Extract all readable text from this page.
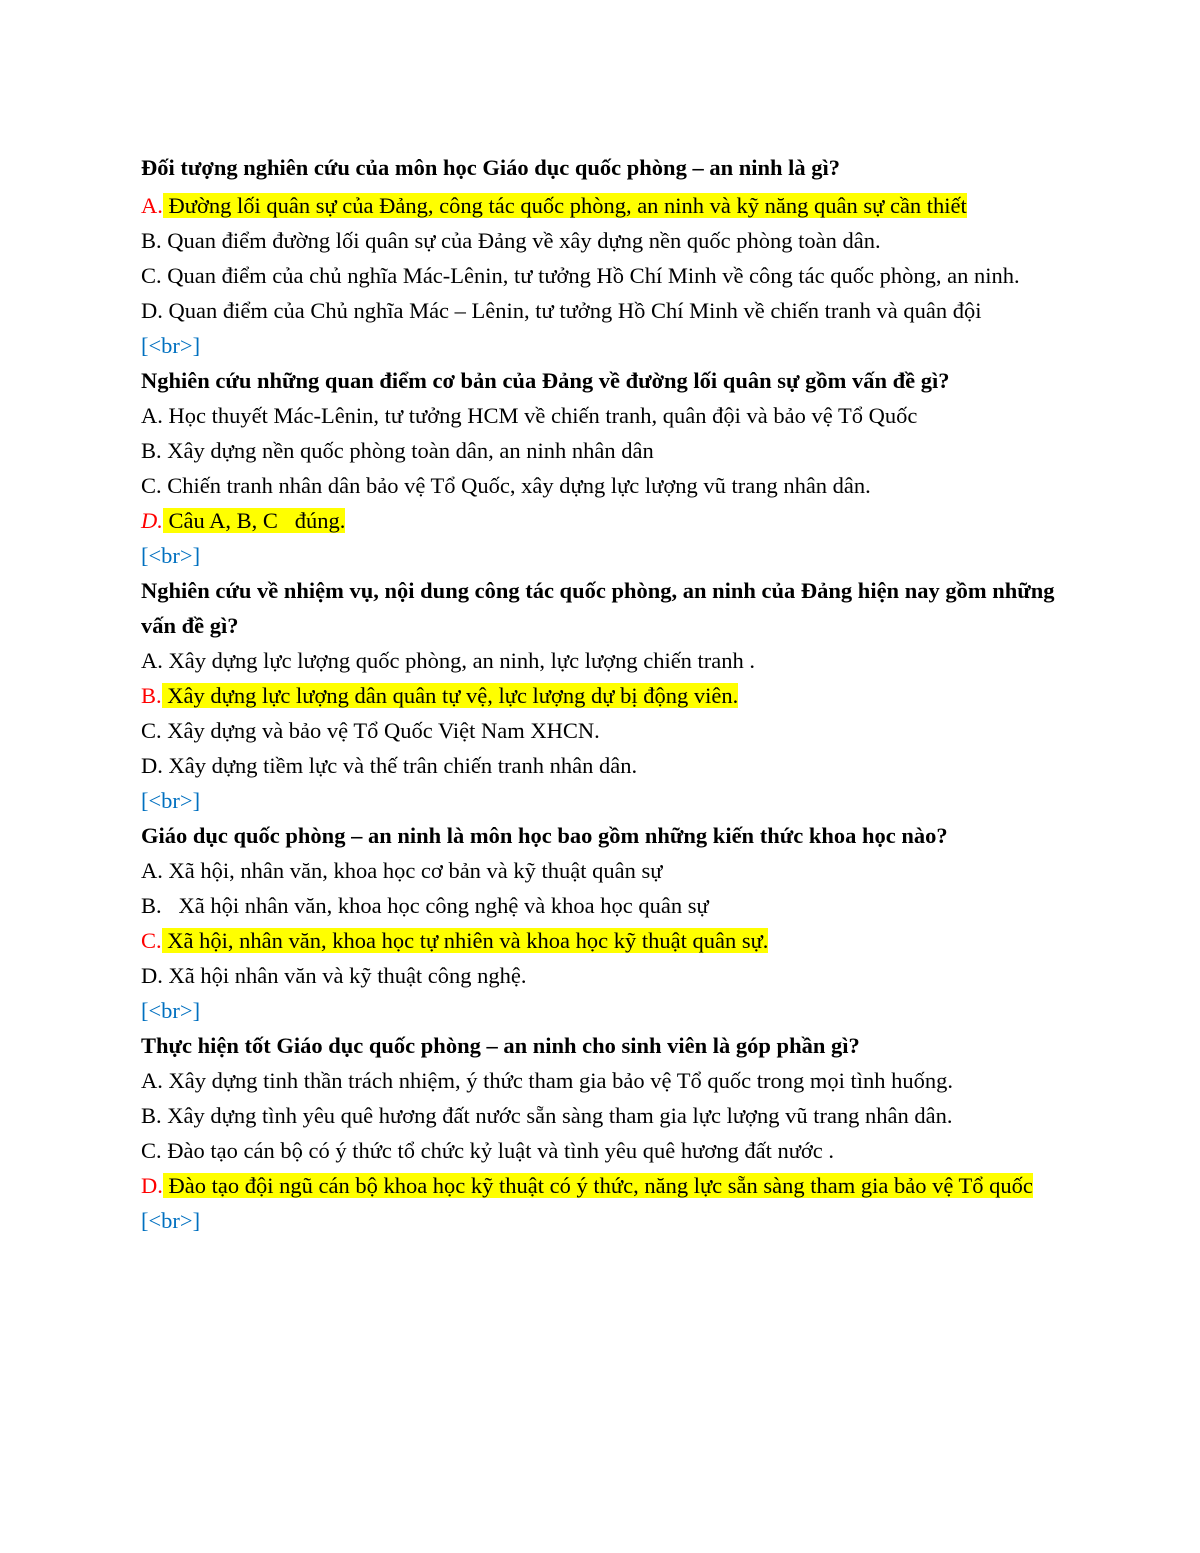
Đối tượng nghiên cứu của môn học Giáo dục quốc phòng – an ninh là gì?

A. Đường lối quân sự của Đảng, công tác quốc phòng, an ninh và kỹ năng quân sự cần thiết

B. Quan điểm đường lối quân sự của Đảng về xây dựng nền quốc phòng toàn dân.

C. Quan điểm của chủ nghĩa Mác-Lênin, tư tưởng Hồ Chí Minh về công tác quốc phòng, an ninh.

D. Quan điểm của Chủ nghĩa Mác – Lênin, tư tưởng Hồ Chí Minh về chiến tranh và quân đội

[<br>]

Nghiên cứu những quan điểm cơ bản của Đảng về đường lối quân sự gồm vấn đề gì?

A. Học thuyết Mác-Lênin, tư tưởng HCM về chiến tranh, quân đội và bảo vệ Tổ Quốc

B. Xây dựng nền quốc phòng toàn dân, an ninh nhân dân

C. Chiến tranh nhân dân bảo vệ Tổ Quốc, xây dựng lực lượng vũ trang nhân dân.

D. Câu A, B, C   đúng.

[<br>]

Nghiên cứu về nhiệm vụ, nội dung công tác quốc phòng, an ninh của Đảng hiện nay gồm những vấn đề gì?

A. Xây dựng lực lượng quốc phòng, an ninh, lực lượng chiến tranh .

B. Xây dựng lực lượng dân quân tự vệ, lực lượng dự bị động viên.

C. Xây dựng và bảo vệ Tổ Quốc Việt Nam XHCN.

D. Xây dựng tiềm lực và thế trân chiến tranh nhân dân.

[<br>]

Giáo dục quốc phòng – an ninh là môn học bao gồm những kiến thức khoa học nào?

A. Xã hội, nhân văn, khoa học cơ bản và kỹ thuật quân sự

B.   Xã hội nhân văn, khoa học công nghệ và khoa học quân sự

C. Xã hội, nhân văn, khoa học tự nhiên và khoa học kỹ thuật quân sự.

D. Xã hội nhân văn và kỹ thuật công nghệ.

[<br>]

Thực hiện tốt Giáo dục quốc phòng – an ninh cho sinh viên là góp phần gì?

A. Xây dựng tinh thần trách nhiệm, ý thức tham gia bảo vệ Tổ quốc trong mọi tình huống.

B. Xây dựng tình yêu quê hương đất nước sẵn sàng tham gia lực lượng vũ trang nhân dân.

C. Đào tạo cán bộ có ý thức tổ chức kỷ luật và tình yêu quê hương đất nước .

D. Đào tạo đội ngũ cán bộ khoa học kỹ thuật có ý thức, năng lực sẵn sàng tham gia bảo vệ Tổ quốc

[<br>]
